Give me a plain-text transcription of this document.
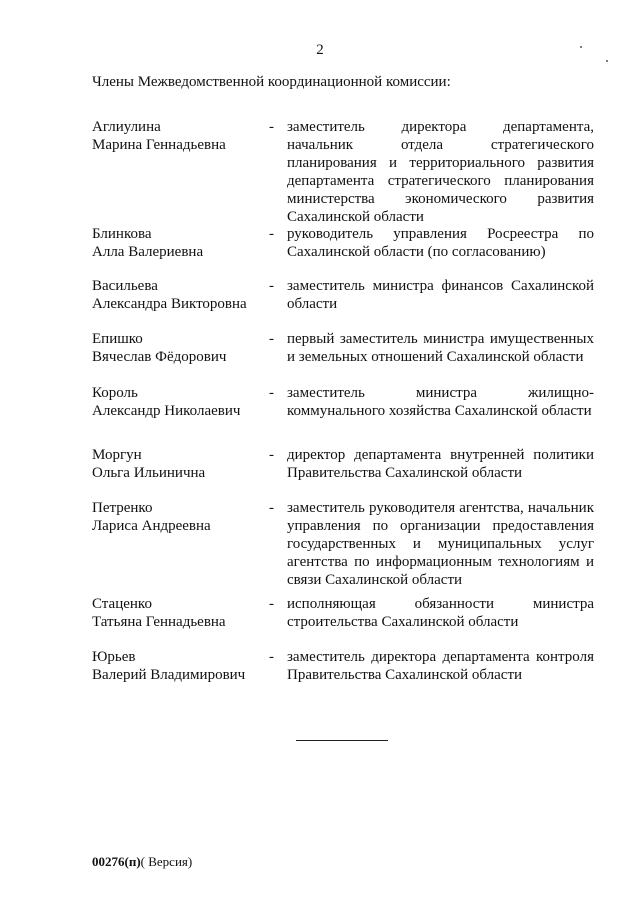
2
Члены Межведомственной координационной комиссии:
Аглиулина
Марина Геннадьевна
- заместитель директора департамента, начальник отдела стратегического планирования и территориального развития департамента стратегического планирования министерства экономического развития Сахалинской области
Блинкова
Алла Валериевна
- руководитель управления Росреестра по Сахалинской области (по согласованию)
Васильева
Александра Викторовна
- заместитель министра финансов Сахалинской области
Епишко
Вячеслав Фёдорович
- первый заместитель министра имущественных и земельных отношений Сахалинской области
Король
Александр Николаевич
- заместитель министра жилищно-коммунального хозяйства Сахалинской области
Моргун
Ольга Ильинична
- директор департамента внутренней политики Правительства Сахалинской области
Петренко
Лариса Андреевна
- заместитель руководителя агентства, начальник управления по организации предоставления государственных и муниципальных услуг агентства по информационным технологиям и связи Сахалинской области
Стаценко
Татьяна Геннадьевна
- исполняющая обязанности министра строительства Сахалинской области
Юрьев
Валерий Владимирович
- заместитель директора департамента контроля Правительства Сахалинской области
00276(п)( Версия)
